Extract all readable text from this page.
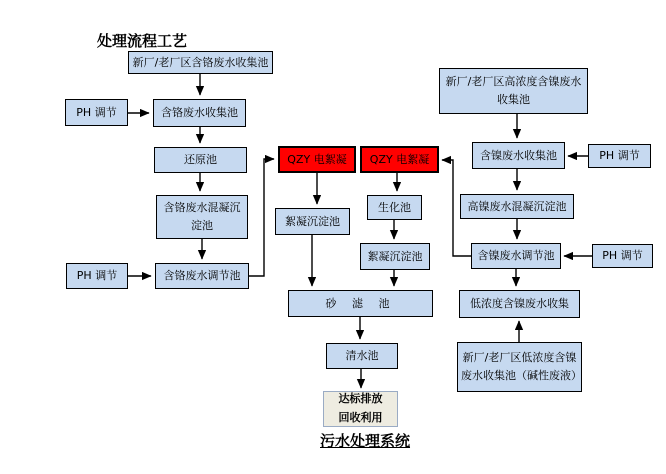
处理流程工艺
新厂/老厂区含铬废水收集池
PH 调节	含铬废水收集池
还原池
含铬废水混凝沉淀池
PH 调节	含铬废水调节池
QZY 电絮凝	QZY 电絮凝
絮凝沉淀池
生化池
絮凝沉淀池
砂 滤 池
清水池
达标排放
回收利用
新厂/老厂区高浓度含镍废水收集池
含镍废水收集池	PH 调节
高镍废水混凝沉淀池
含镍废水调节池	PH 调节
低浓度含镍废水收集
新厂/老厂区低浓度含镍废水收集池（碱性废液）
污水处理系统
